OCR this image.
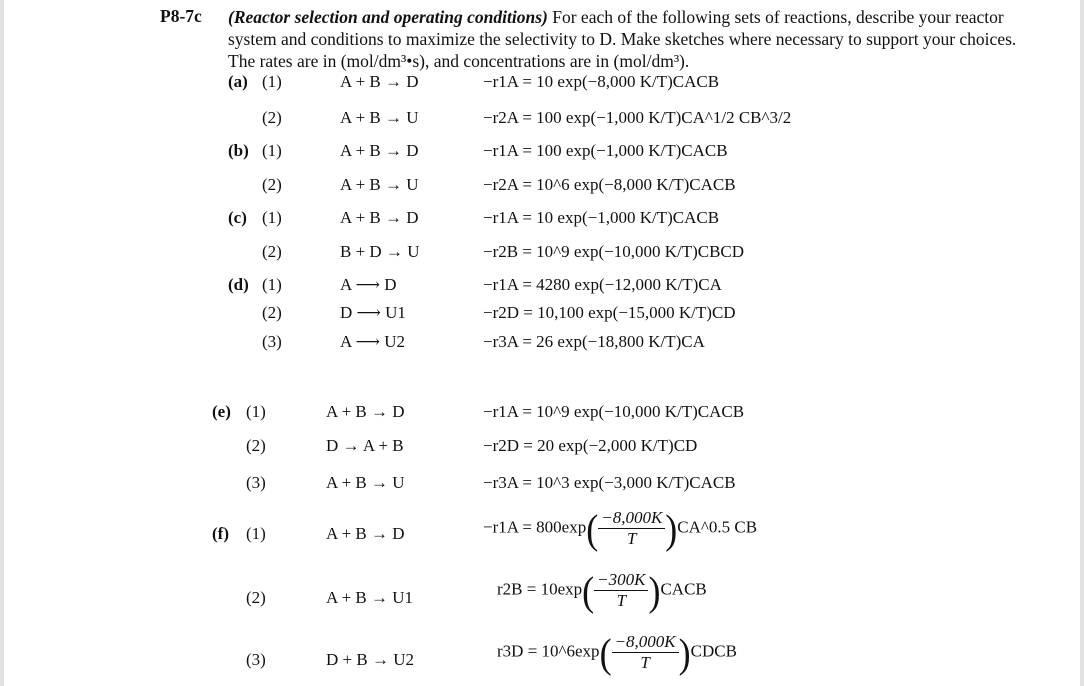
P8-7c (Reactor selection and operating conditions) For each of the following sets of reactions, describe your reactor system and conditions to maximize the selectivity to D. Make sketches where necessary to support your choices. The rates are in (mol/dm³•s), and concentrations are in (mol/dm³).
(a)
(b)
(c)
(d)
(e)
(f)
(1)
(2)
(1)
(2)
(1)
(2)
(1)
(2)
(3)
(1)
(2)
(3)
(1)
(2)
(3)
A + B → D
A + B → U
A + B → D
A + B → U
A + B → D
B + D → U
A ⟶ D
D ⟶ U1
A ⟶ U2
A + B → D
D → A + B
A + B → U
A + B → D
A + B → U1
D + B → U2
−r1A = 10 exp(−8,000 K/T)CACB
−r2A = 100 exp(−1,000 K/T)CA^1/2 CB^3/2
−r1A = 100 exp(−1,000 K/T)CACB
−r2A = 10^6 exp(−8,000 K/T)CACB
−r1A = 10 exp(−1,000 K/T)CACB
−r2B = 10^9 exp(−10,000 K/T)CBCD
−r1A = 4280 exp(−12,000 K/T)CA
−r2D = 10,100 exp(−15,000 K/T)CD
−r3A = 26 exp(−18,800 K/T)CA
−r1A = 10^9 exp(−10,000 K/T)CACB
−r2D = 20 exp(−2,000 K/T)CD
−r3A = 10^3 exp(−3,000 K/T)CACB
$-r1A = 800\exp( \frac{-8,000K}{T}$ )CA^0.5 CB
$r2B = 10\exp( \frac{-300K}{T}$ )CACB
r3D = 10^6exp( $\frac{-8,000K}{T}$ )CDCB
